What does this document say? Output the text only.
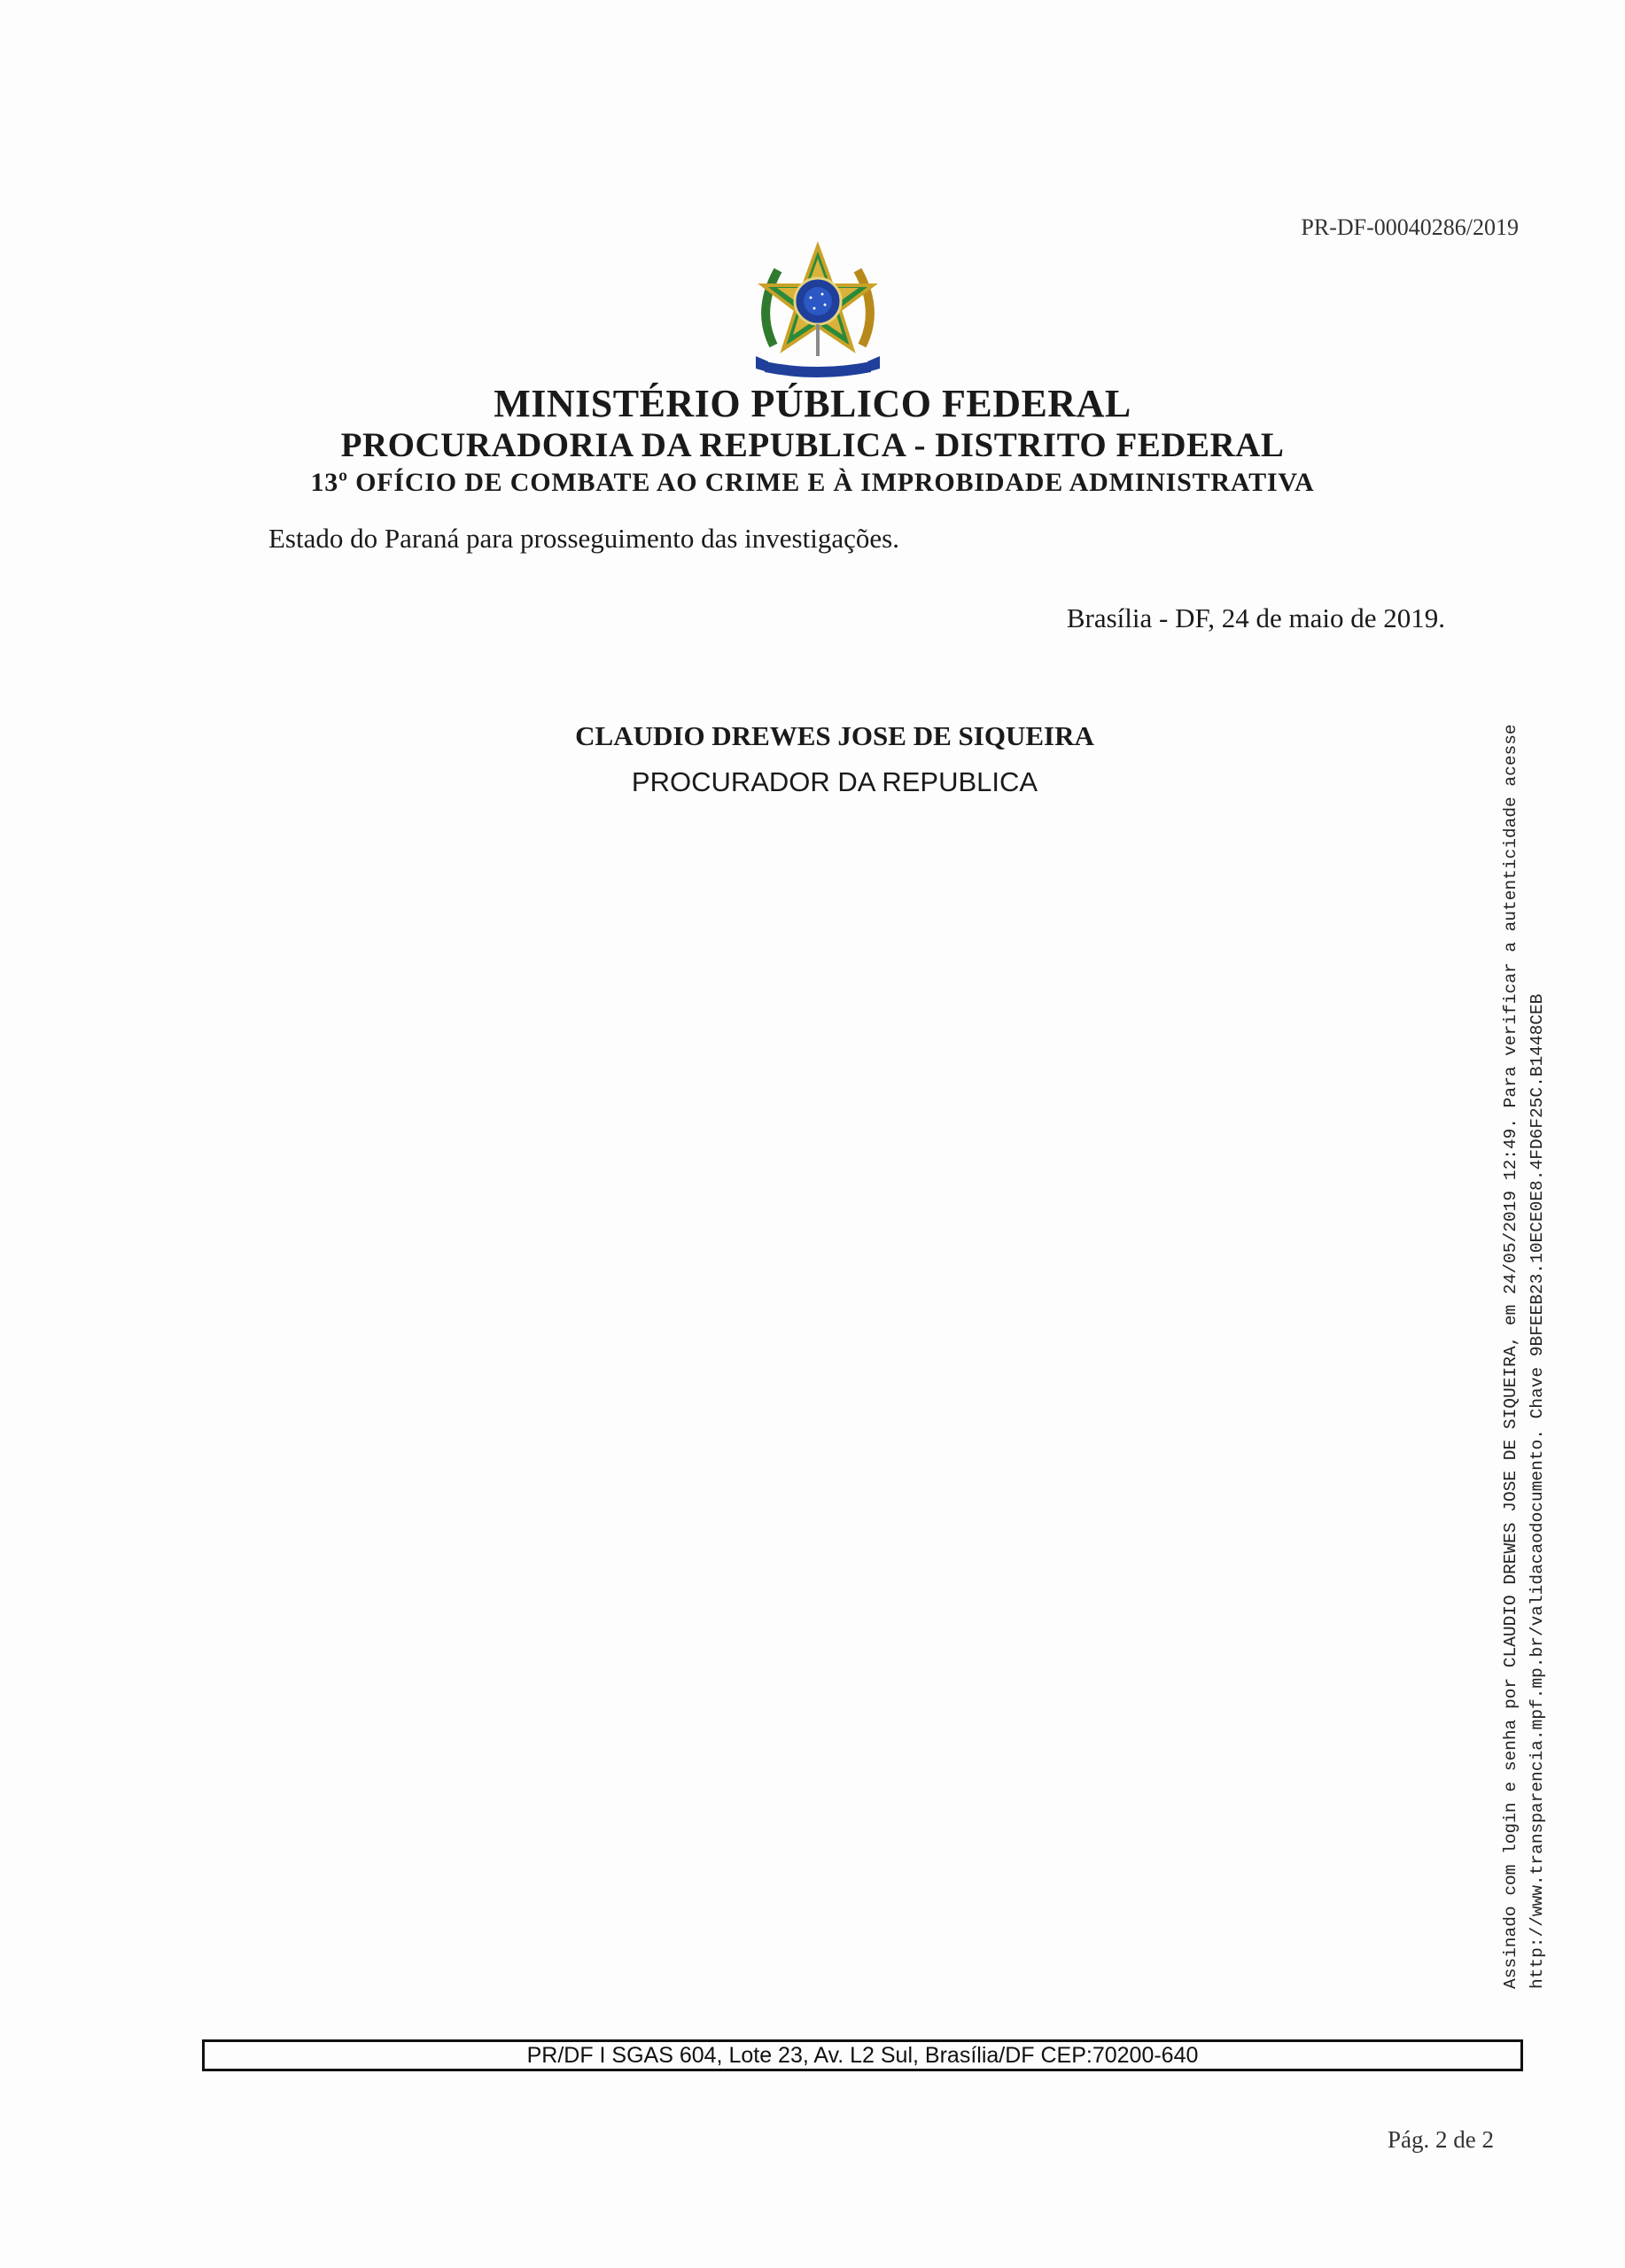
PR-DF-00040286/2019
MINISTÉRIO PÚBLICO FEDERAL
PROCURADORIA DA REPUBLICA - DISTRITO FEDERAL
13º OFÍCIO DE COMBATE AO CRIME E À IMPROBIDADE ADMINISTRATIVA
Estado do Paraná para prosseguimento das investigações.
Brasília - DF, 24 de maio de 2019.
CLAUDIO DREWES JOSE DE SIQUEIRA
PROCURADOR DA REPUBLICA	Assinado com login e senha por CLAUDIO DREWES JOSE DE SIQUEIRA, em 24/05/2019 12:49. Para verificar a autenticidade acesse http://www.transparencia.mpf.mp.br/validacaodocumento. Chave 9BFEEB23.10ECE0E8.4FD6F25C.B1448CEB
PR/DF I SGAS 604, Lote 23, Av. L2 Sul, Brasília/DF CEP:70200-640
Pág. 2 de 2
